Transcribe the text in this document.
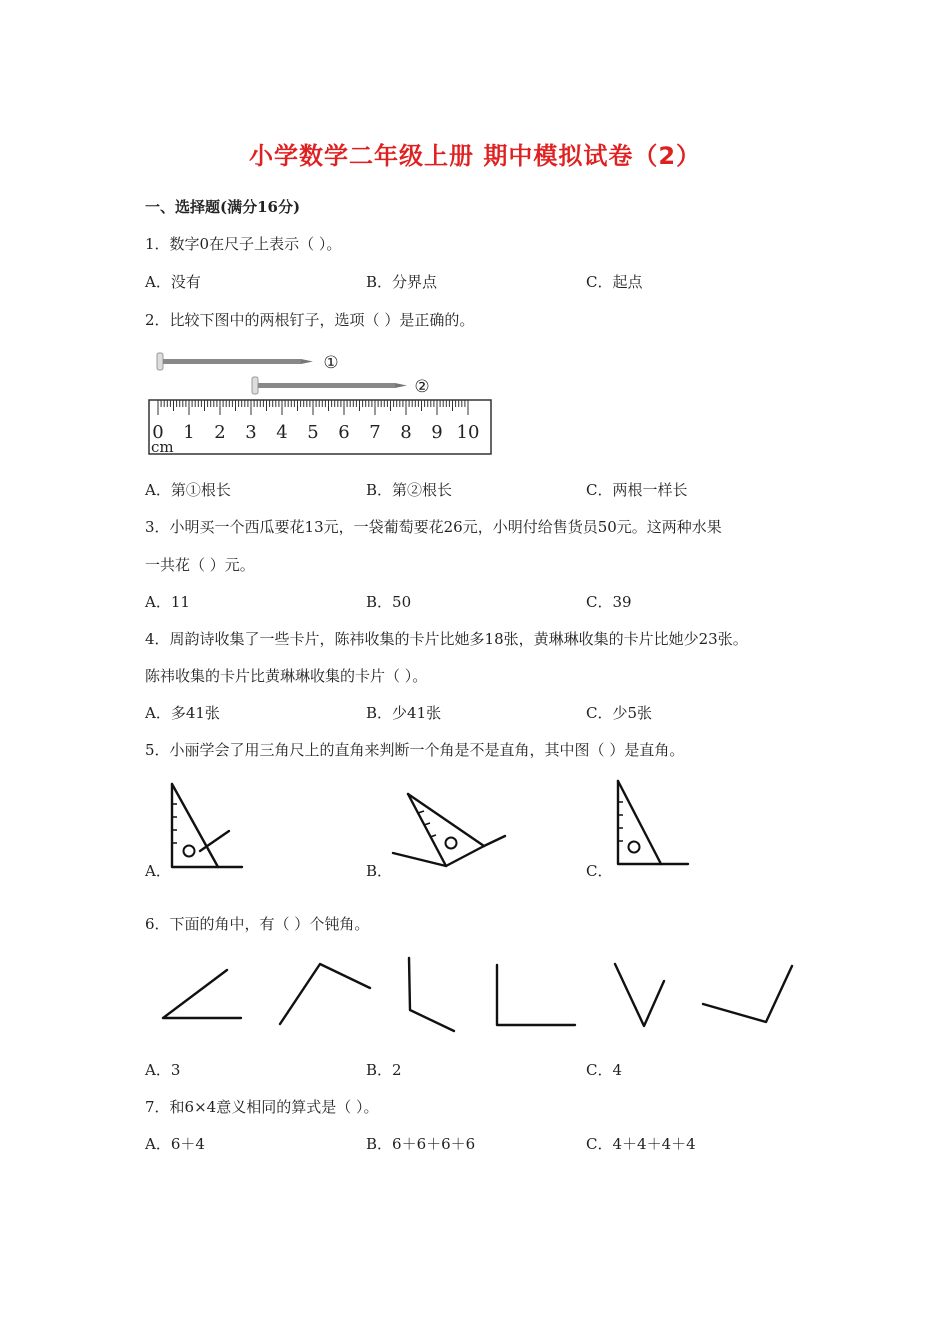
小学数学二年级上册 期中模拟试卷（2）
一、选择题(满分16分)
1．数字0在尺子上表示（ ）。
A．没有	B．分界点	C．起点
2．比较下图中的两根钉子，选项（ ）是正确的。
①
②
0 1 2 3 4 5 6 7 8 9 10
cm
A．第①根长	B．第②根长	C．两根一样长
3．小明买一个西瓜要花13元，一袋葡萄要花26元，小明付给售货员50元。这两种水果
一共花（ ）元。
A．11	B．50	C．39
4．周韵诗收集了一些卡片，陈祎收集的卡片比她多18张，黄琳琳收集的卡片比她少23张。
陈祎收集的卡片比黄琳琳收集的卡片（ ）。
A．多41张	B．少41张	C．少5张
5．小丽学会了用三角尺上的直角来判断一个角是不是直角，其中图（ ）是直角。
A．	B．	C．
6．下面的角中，有（ ）个钝角。
A．3	B．2	C．4
7．和6×4意义相同的算式是（ ）。
A．6＋4	B．6＋6＋6＋6	C．4＋4＋4＋4
